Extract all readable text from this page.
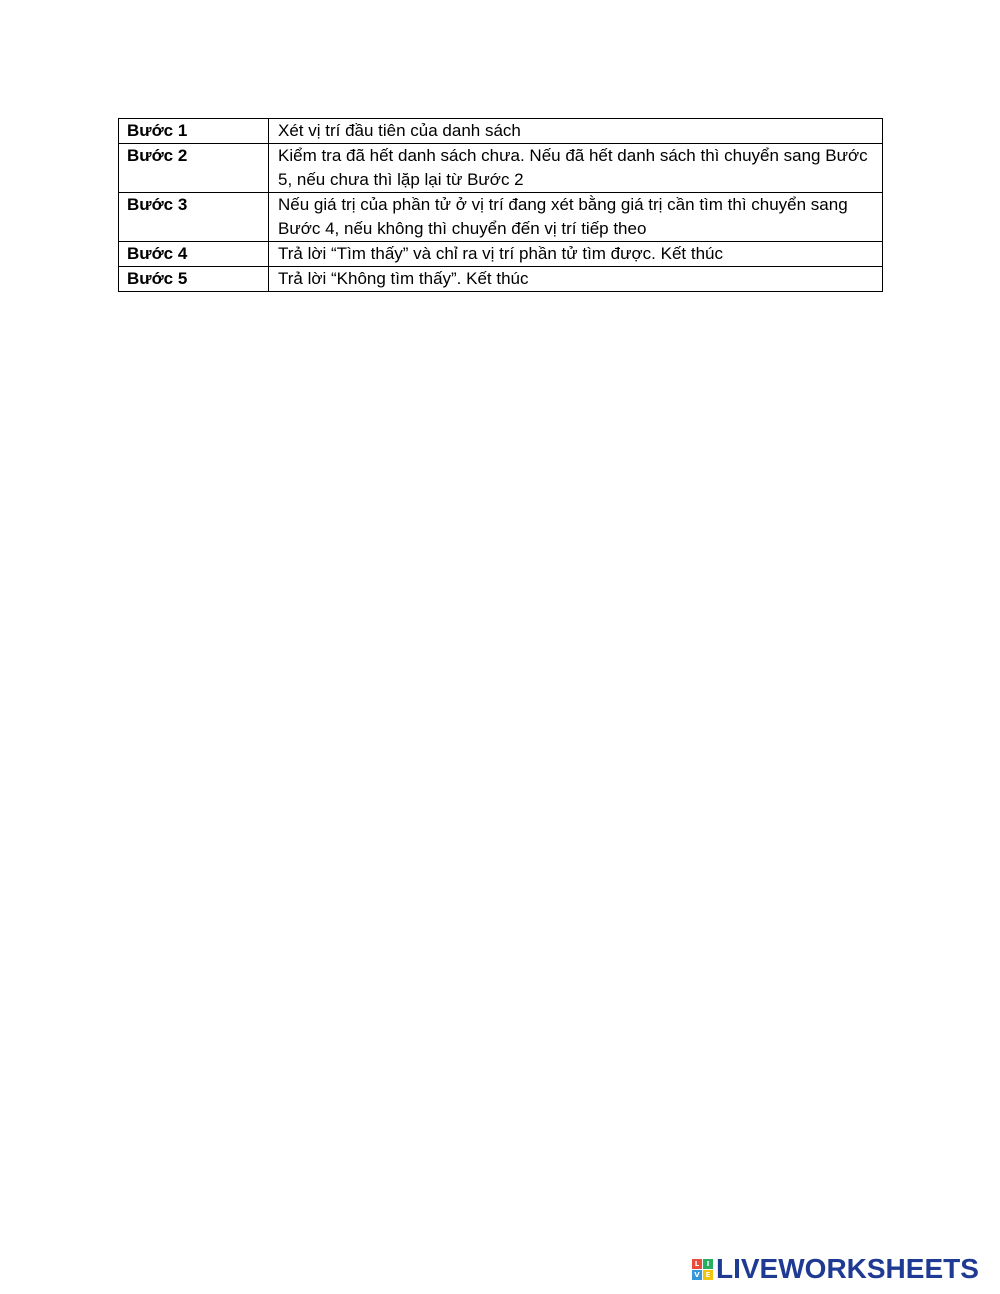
Bước 1	Xét vị trí đầu tiên của danh sách
Bước 2	Kiểm tra đã hết danh sách chưa. Nếu đã hết danh sách thì chuyển sang Bước 5, nếu chưa thì lặp lại từ Bước 2
Bước 3	Nếu giá trị của phần tử ở vị trí đang xét bằng giá trị cần tìm thì chuyển sang Bước 4, nếu không thì chuyển đến vị trí tiếp theo
Bước 4	Trả lời “Tìm thấy” và chỉ ra vị trí phần tử tìm được. Kết thúc
Bước 5	Trả lời “Không tìm thấy”. Kết thúc
L	I
V E LIVEWORKSHEETS
